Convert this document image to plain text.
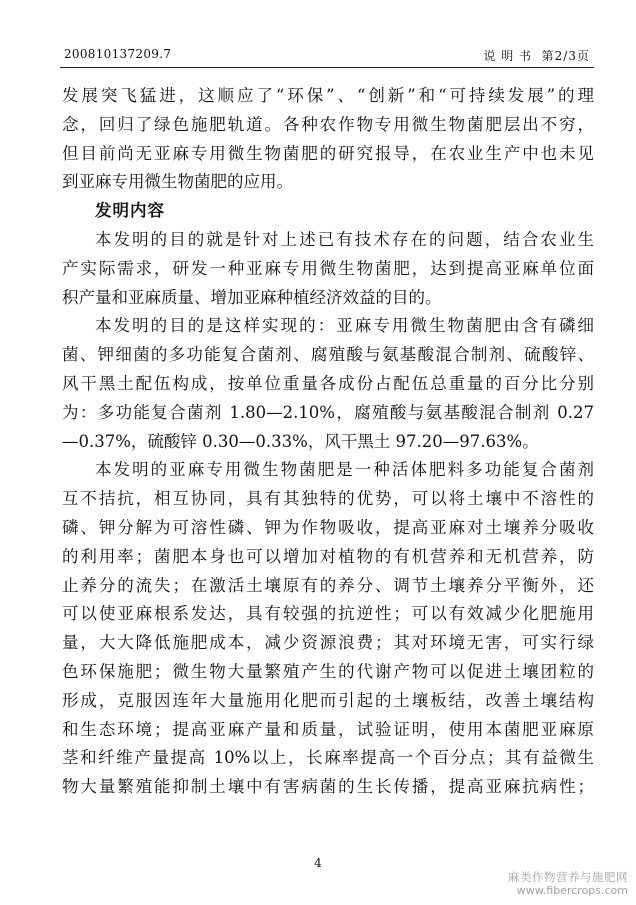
200810137209.7	说 明 书 第2/3页
发展突飞猛进，这顺应了“环保”、“创新”和“可持续发展”的理
念，回归了绿色施肥轨道。各种农作物专用微生物菌肥层出不穷，
但目前尚无亚麻专用微生物菌肥的研究报导，在农业生产中也未见
到亚麻专用微生物菌肥的应用。
发明内容
本发明的目的就是针对上述已有技术存在的问题，结合农业生
产实际需求，研发一种亚麻专用微生物菌肥，达到提高亚麻单位面
积产量和亚麻质量、增加亚麻种植经济效益的目的。
本发明的目的是这样实现的：亚麻专用微生物菌肥由含有磷细
菌、钾细菌的多功能复合菌剂、腐殖酸与氨基酸混合制剂、硫酸锌、
风干黑土配伍构成，按单位重量各成份占配伍总重量的百分比分别
为：多功能复合菌剂 1.80—2.10%，腐殖酸与氨基酸混合制剂 0.27
—0.37%，硫酸锌 0.30—0.33%，风干黑土 97.20—97.63%。
本发明的亚麻专用微生物菌肥是一种活体肥料多功能复合菌剂
互不拮抗，相互协同，具有其独特的优势，可以将土壤中不溶性的
磷、钾分解为可溶性磷、钾为作物吸收，提高亚麻对土壤养分吸收
的利用率；菌肥本身也可以增加对植物的有机营养和无机营养，防
止养分的流失；在激活土壤原有的养分、调节土壤养分平衡外，还
可以使亚麻根系发达，具有较强的抗逆性；可以有效减少化肥施用
量，大大降低施肥成本，减少资源浪费；其对环境无害，可实行绿
色环保施肥；微生物大量繁殖产生的代谢产物可以促进土壤团粒的
形成，克服因连年大量施用化肥而引起的土壤板结，改善土壤结构
和生态环境；提高亚麻产量和质量，试验证明，使用本菌肥亚麻原
茎和纤维产量提高 10%以上，长麻率提高一个百分点；其有益微生
物大量繁殖能抑制土壤中有害病菌的生长传播，提高亚麻抗病性；
4
麻类作物营养与施肥网
www.fibercrops.com
